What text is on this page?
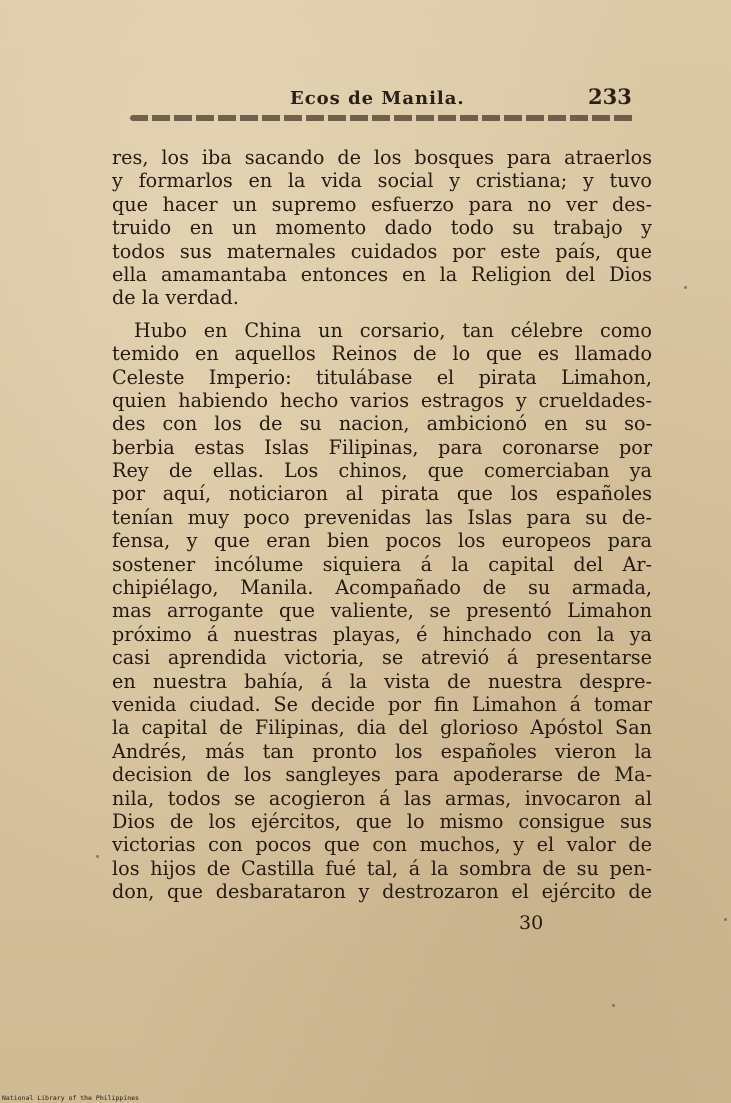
Ecos de Manila.	233

res, los iba sacando de los bosques para atraerlos
y formarlos en la vida social y cristiana; y tuvo
que hacer un supremo esfuerzo para no ver des-
truido en un momento dado todo su trabajo y
todos sus maternales cuidados por este país, que
ella amamantaba entonces en la Religion del Dios
de la verdad.

Hubo en China un corsario, tan célebre como
temido en aquellos Reinos de lo que es llamado
Celeste Imperio: titulábase el pirata Limahon,
quien habiendo hecho varios estragos y crueldades-
des con los de su nacion, ambicionó en su so-
berbia estas Islas Filipinas, para coronarse por
Rey de ellas. Los chinos, que comerciaban ya
por aquí, noticiaron al pirata que los españoles
tenían muy poco prevenidas las Islas para su de-
fensa, y que eran bien pocos los europeos para
sostener incólume siquiera á la capital del Ar-
chipiélago, Manila. Acompañado de su armada,
mas arrogante que valiente, se presentó Limahon
próximo á nuestras playas, é hinchado con la ya
casi aprendida victoria, se atrevió á presentarse
en nuestra bahía, á la vista de nuestra despre-
venida ciudad. Se decide por fin Limahon á tomar
la capital de Filipinas, dia del glorioso Apóstol San
Andrés, más tan pronto los españoles vieron la
decision de los sangleyes para apoderarse de Ma-
nila, todos se acogieron á las armas, invocaron al
Dios de los ejércitos, que lo mismo consigue sus
victorias con pocos que con muchos, y el valor de
los hijos de Castilla fué tal, á la sombra de su pen-
don, que desbarataron y destrozaron el ejército de

30
National Library of the Philippines
